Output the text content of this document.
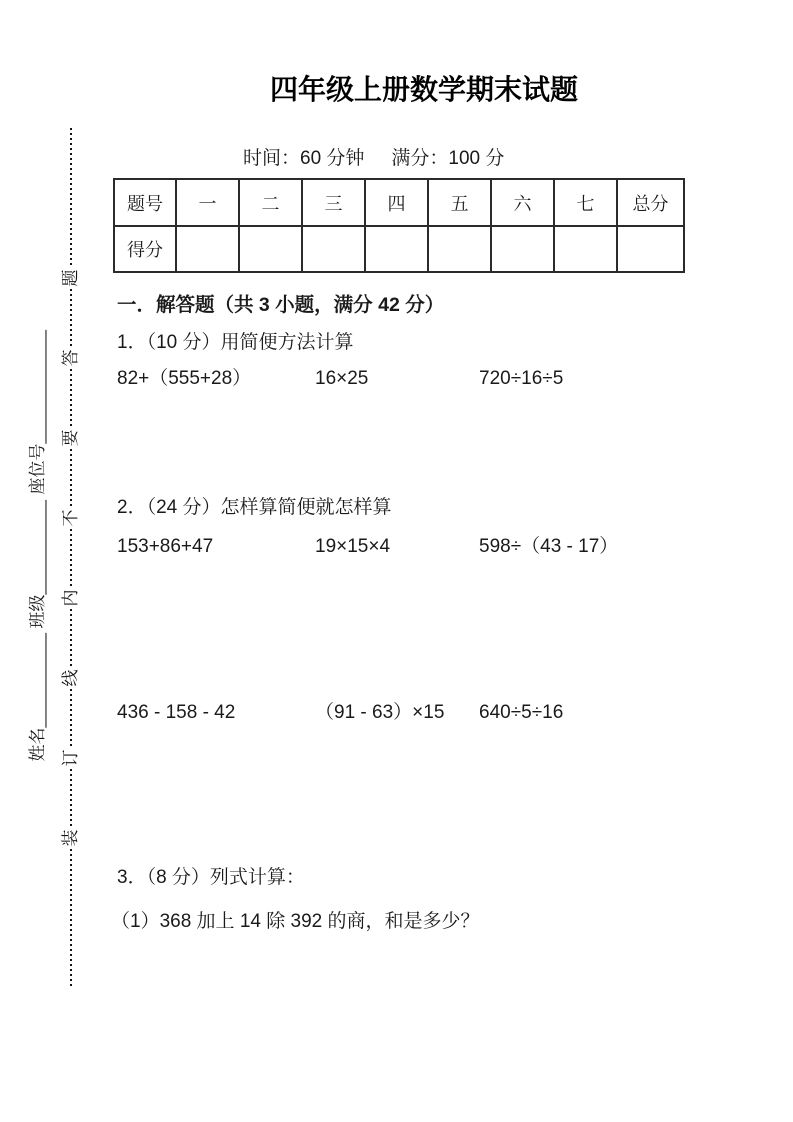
题
答
要
不
内
线
订
装
座位号____________
班级__________
姓名__________
四年级上册数学期末试题
时间：60 分钟 满分：100 分
题号	一	二	三	四	五	六	七	总分
得分								
一．解答题（共 3 小题，满分 42 分）
1．（10 分）用简便方法计算
82+（555+28）	16×25	720÷16÷5
2．（24 分）怎样算简便就怎样算
153+86+47	19×15×4	598÷（43 - 17）
436 - 158 - 42	（91 - 63）×15 640÷5÷16
3．（8 分）列式计算：
（1）368 加上 14 除 392 的商，和是多少？
